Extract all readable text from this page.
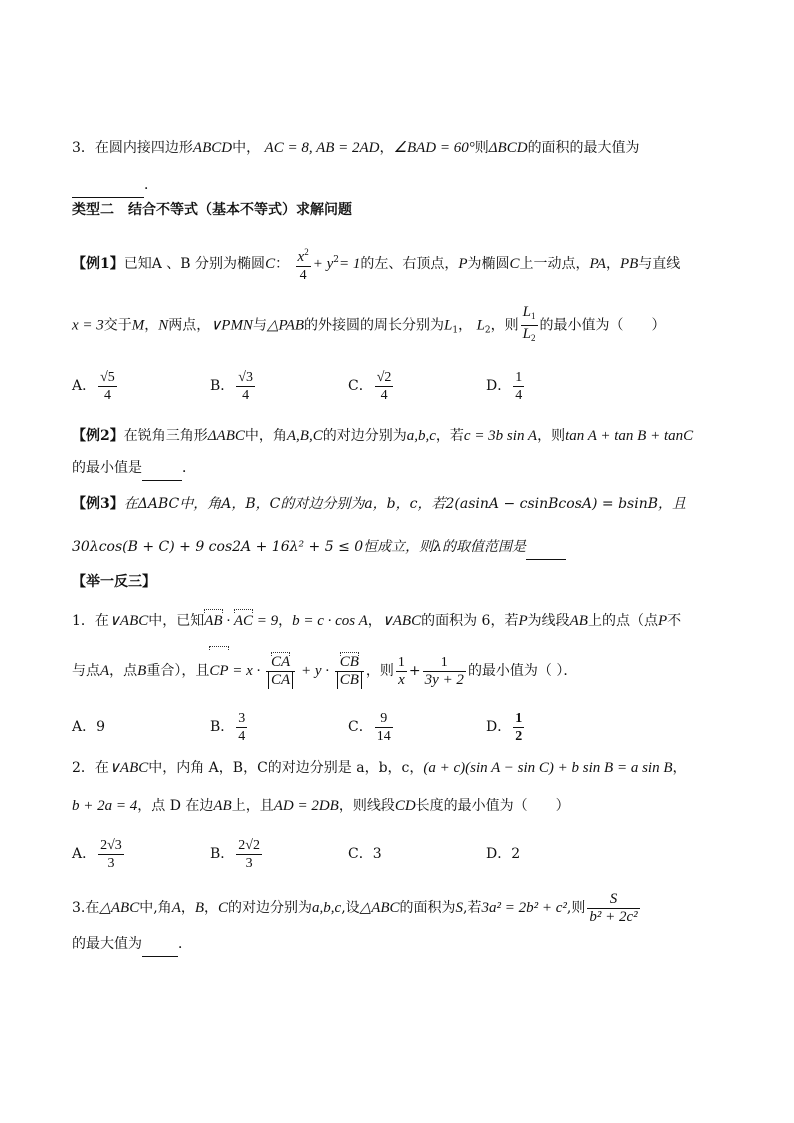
3．在圆内接四边形ABCD中， AC = 8, AB = 2AD，∠BAD = 60°则ΔBCD的面积的最大值为
．
类型二　结合不等式（基本不等式）求解问题
【例1】已知A 、B 分别为椭圆C： $\frac{x^2}{4} + y^2= 1$的左、右顶点，P为椭圆C上一动点，PA，PB与直线
x = 3交于M，N两点，∨PMN与△PAB的外接圆的周长分别为$L_1$， $L_2$，则 $\frac{L_1}{L_2}$ 的最小值为（　　）
A． $\frac{√5}{4}$	B． $\frac{√3}{4}$	C． $\frac{√2}{4}$	D． $\frac{1}{4}$
【例2】在锐角三角形ΔABC中，角A,B,C的对边分别为a,b,c，若c = 3b sin A，则tan A + tan B + tanC
的最小值是	．
【例3】在ΔABC中，角A，B，C的对边分别为a，b，c，若2(asinA − csinBcosA) = bsinB，且
30λcos(B + C) + 9 cos2A + 16λ² + 5 ≤ 0恒成立，则λ的取值范围是
【举一反三】
1．在∨ABC中，已知AB · AC = 9，b = c · cos A，∨ABC的面积为 6，若P为线段AB上的点（点P不
与点A，点B重合），且CP = $x \cdot \frac{CA}{CA} + y \cdot \frac{CB}{CB}$ ，则 $\frac{1}{x} + \frac{1}{3y + 2}$ 的最小值为（ ）．
A．9	B． $\frac{3}{4}$	C． $\frac{9}{14}$	D． $\frac{1}{2}$
2．在∨ABC中，内角 A，B，C的对边分别是 a，b，c，(a + c)(sin A − sin C) + b sin B = a sin B，
b + 2a = 4，点 D 在边AB上，且AD = 2DB，则线段CD长度的最小值为（　　）
A． $\frac{2√3}{3}$	B． $\frac{2√2}{3}$	C．3	D．2
3.在△ABC中,角A，B，C的对边分别为a,b,c,设△ABC的面积为S,若3a² = 2b² + c²,则 $\frac{S}{\text{b² + 2c²}}$
的最大值为	．
